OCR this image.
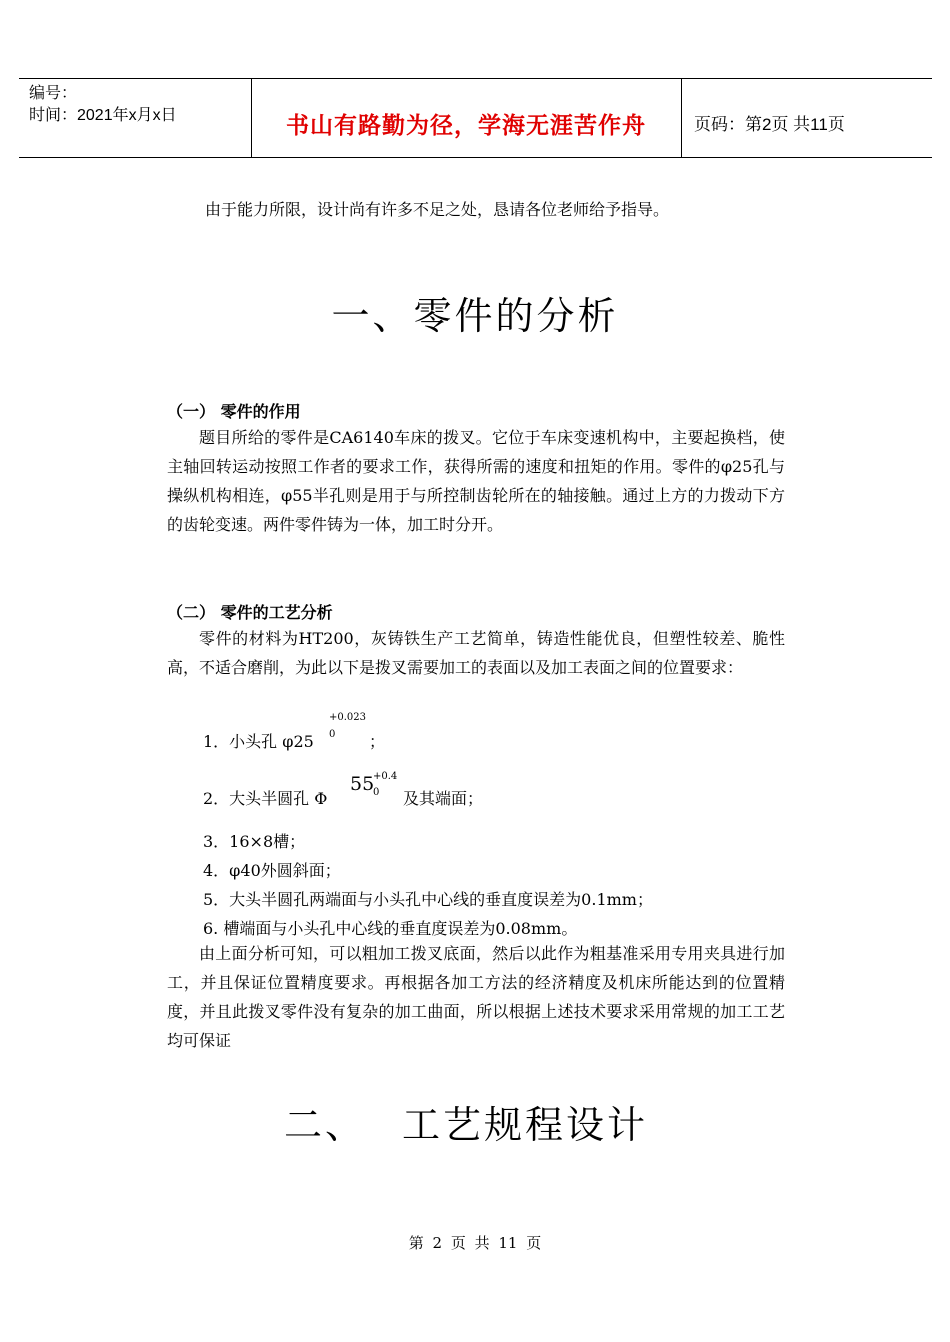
编号：
时间：2021年x月x日	书山有路勤为径，学海无涯苦作舟	页码：第2页 共11页
由于能力所限，设计尚有许多不足之处，恳请各位老师给予指导。
一、零件的分析
（一） 零件的作用

题目所给的零件是CA6140车床的拨叉。它位于车床变速机构中，主要起换档，使主轴回转运动按照工作者的要求工作，获得所需的速度和扭矩的作用。零件的φ25孔与操纵机构相连，φ55半孔则是用于与所控制齿轮所在的轴接触。通过上方的力拨动下方的齿轮变速。两件零件铸为一体，加工时分开。

（二） 零件的工艺分析

零件的材料为HT200，灰铸铁生产工艺简单，铸造性能优良，但塑性较差、脆性高，不适合磨削，为此以下是拨叉需要加工的表面以及加工表面之间的位置要求：

1．小头孔 φ25
+0.023
0 ；
2．大头半圆孔 Φ
55
+0.4
0 及其端面；
3．16×8槽；
4．φ40外圆斜面；
5．大头半圆孔两端面与小头孔中心线的垂直度误差为0.1mm；
6. 槽端面与小头孔中心线的垂直度误差为0.08mm。

由上面分析可知，可以粗加工拨叉底面，然后以此作为粗基准采用专用夹具进行加工，并且保证位置精度要求。再根据各加工方法的经济精度及机床所能达到的位置精度，并且此拨叉零件没有复杂的加工曲面，所以根据上述技术要求采用常规的加工工艺均可保证

二、 工艺规程设计
第 2 页 共 11 页
